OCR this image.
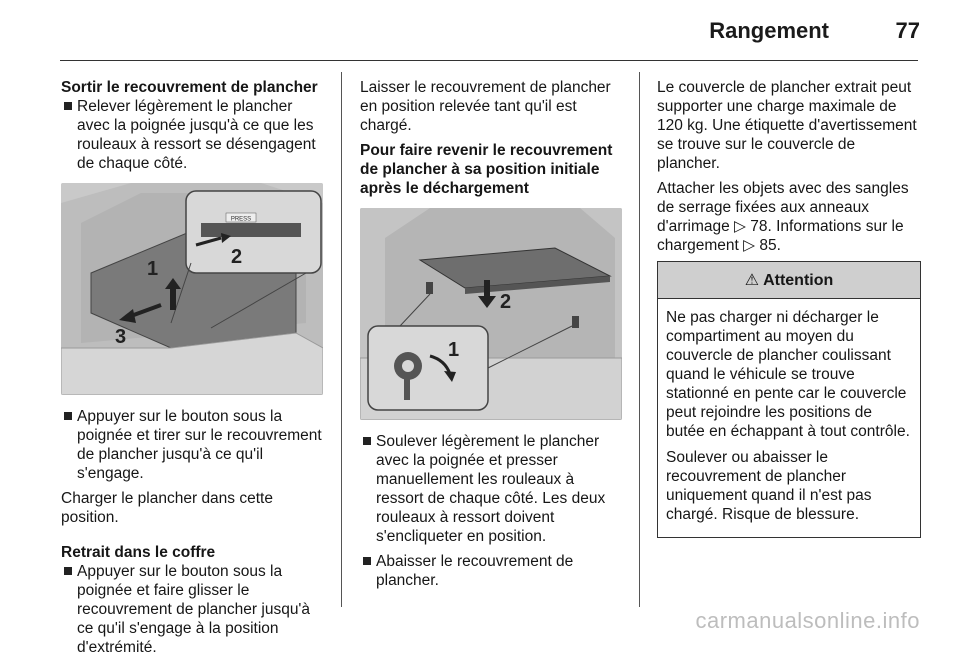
Rangement	77

Sortir le recouvrement de plancher

Relever légèrement le plancher avec la poignée jusqu'à ce que les rouleaux à ressort se désengagent de chaque côté.
PRESS
2
1
3
Appuyer sur le bouton sous la poignée et tirer sur le recouvrement de plancher jusqu'à ce qu'il s'engage.

Charger le plancher dans cette position.

Retrait dans le coffre

Appuyer sur le bouton sous la poignée et faire glisser le recouvrement de plancher jusqu'à ce qu'il s'engage à la position d'extrémité.

Laisser le recouvrement de plancher en position relevée tant qu'il est chargé.

Pour faire revenir le recouvrement de plancher à sa position initiale après le déchargement

2
1
Soulever légèrement le plancher avec la poignée et presser manuellement les rouleaux à ressort de chaque côté. Les deux rouleaux à ressort doivent s'encliqueter en position.
Abaisser le recouvrement de plancher.

Le couvercle de plancher extrait peut supporter une charge maximale de 120 kg. Une étiquette d'avertissement se trouve sur le couvercle de plancher.

Attacher les objets avec des sangles de serrage fixées aux anneaux d'arrimage ▷ 78. Informations sur le chargement ▷ 85.

⚠ Attention

Ne pas charger ni décharger le compartiment au moyen du couvercle de plancher coulissant quand le véhicule se trouve stationné en pente car le couvercle peut rejoindre les positions de butée en échappant à tout contrôle.

Soulever ou abaisser le recouvrement de plancher uniquement quand il n'est pas chargé. Risque de blessure.

carmanualsonline.info
